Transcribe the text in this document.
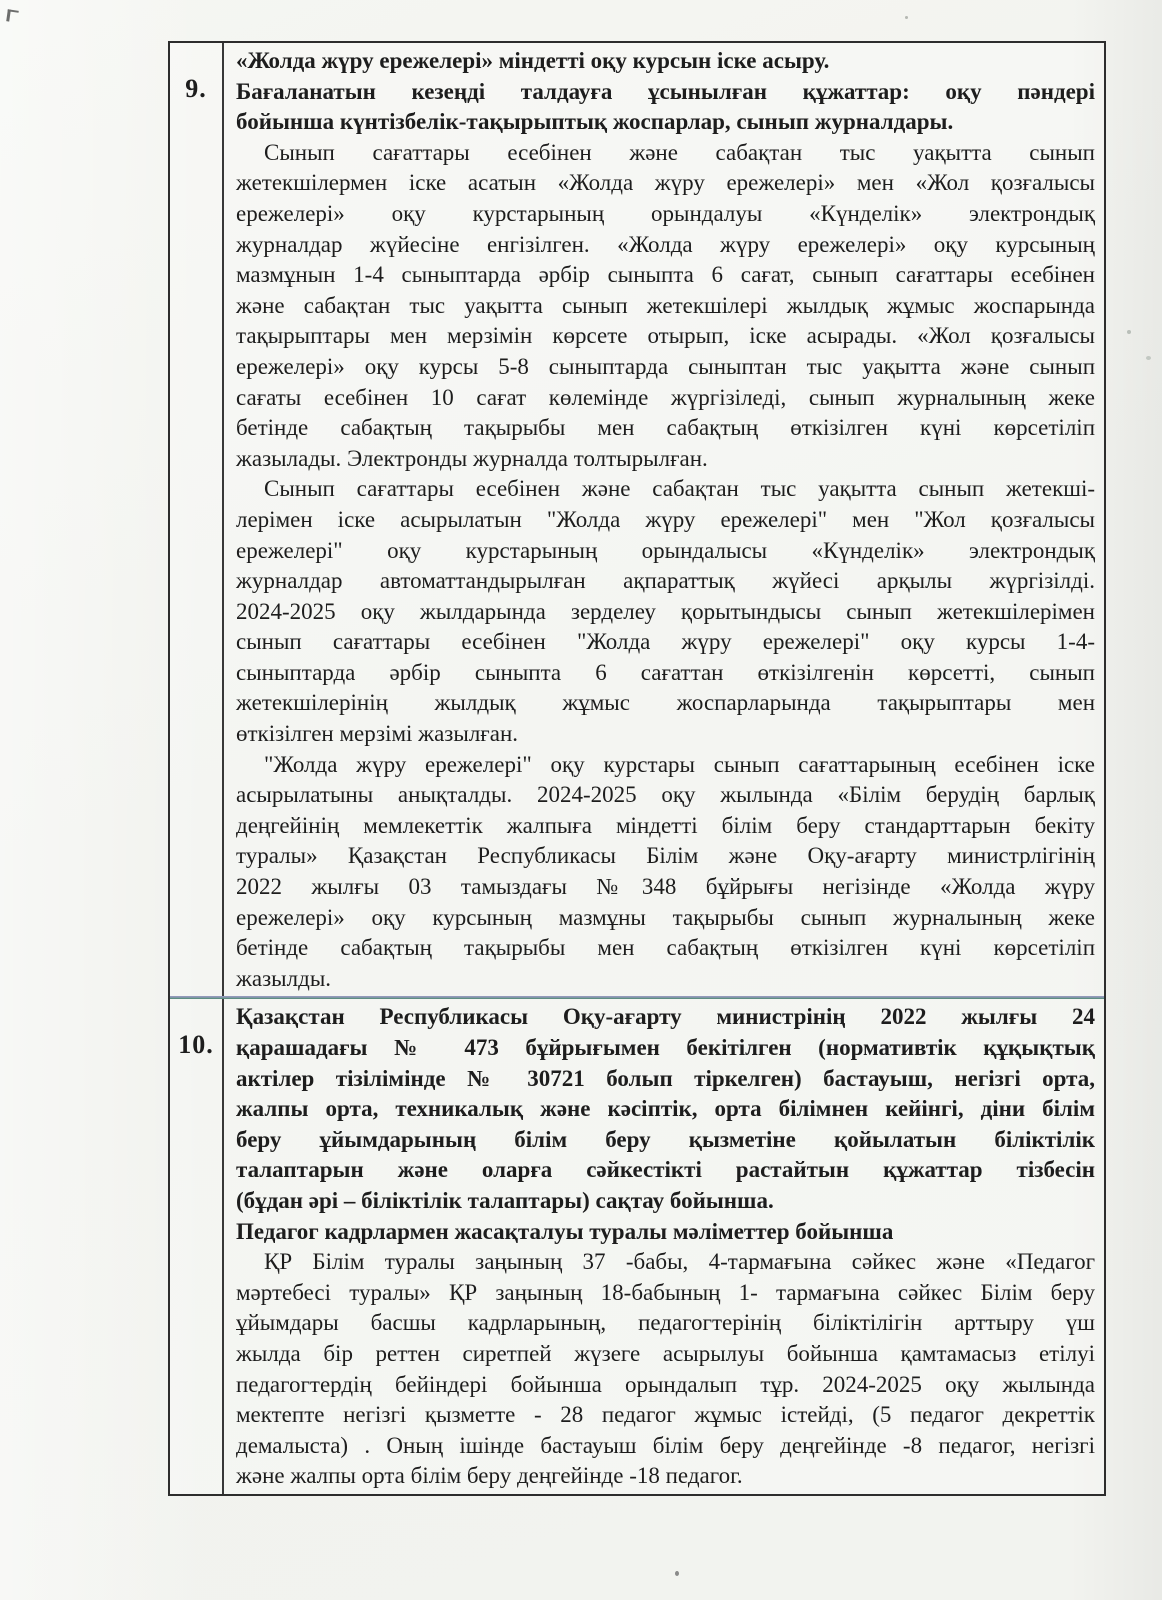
9.
«Жолда жүру ережелері» міндетті оқу курсын іске асыру.
Бағаланатын кезеңді талдауға ұсынылған құжаттар: оқу пәндері
бойынша күнтізбелік-тақырыптық жоспарлар, сынып журналдары.
Сынып сағаттары есебінен және сабақтан тыс уақытта сынып
жетекшілермен іске асатын «Жолда жүру ережелері» мен «Жол қозғалысы
ережелері» оқу курстарының орындалуы «Күнделік» электрондық
журналдар жүйесіне енгізілген. «Жолда жүру ережелері» оқу курсының
мазмұнын 1-4 сыныптарда әрбір сыныпта 6 сағат, сынып сағаттары есебінен
және сабақтан тыс уақытта сынып жетекшілері жылдық жұмыс жоспарында
тақырыптары мен мерзімін көрсете отырып, іске асырады. «Жол қозғалысы
ережелері» оқу курсы 5-8 сыныптарда сыныптан тыс уақытта және сынып
сағаты есебінен 10 сағат көлемінде жүргізіледі, сынып журналының жеке
бетінде сабақтың тақырыбы мен сабақтың өткізілген күні көрсетіліп
жазылады. Электронды журналда толтырылған.
Сынып сағаттары есебінен және сабақтан тыс уақытта сынып жетекші-
лерімен іске асырылатын "Жолда жүру ережелері" мен "Жол қозғалысы
ережелері" оқу курстарының орындалысы «Күнделік» электрондық
журналдар автоматтандырылған ақпараттық жүйесі арқылы жүргізілді.
2024-2025 оқу жылдарында зерделеу қорытындысы сынып жетекшілерімен
сынып сағаттары есебінен "Жолда жүру ережелері" оқу курсы 1-4-
сыныптарда әрбір сыныпта 6 сағаттан өткізілгенін көрсетті, сынып
жетекшілерінің жылдық жұмыс жоспарларында тақырыптары мен
өткізілген мерзімі жазылған.
"Жолда жүру ережелері" оқу курстары сынып сағаттарының есебінен іске
асырылатыны анықталды. 2024-2025 оқу жылында «Білім берудің барлық
деңгейінің мемлекеттік жалпыға міндетті білім беру стандарттарын бекіту
туралы» Қазақстан Республикасы Білім және Оқу-ағарту министрлігінің
2022 жылғы 03 тамыздағы №348 бұйрығы негізінде «Жолда жүру
ережелері» оқу курсының мазмұны тақырыбы сынып журналының жеке
бетінде сабақтың тақырыбы мен сабақтың өткізілген күні көрсетіліп
жазылды.
10.
Қазақстан Республикасы Оқу-ағарту министрінің 2022 жылғы 24
қарашадағы № 473 бұйрығымен бекітілген (нормативтік құқықтық
актілер тізілімінде № 30721 болып тіркелген) бастауыш, негізгі орта,
жалпы орта, техникалық және кәсіптік, орта білімнен кейінгі, діни білім
беру ұйымдарының білім беру қызметіне қойылатын біліктілік
талаптарын және оларға сәйкестікті растайтын құжаттар тізбесін
(бұдан әрі – біліктілік талаптары) сақтау бойынша.
Педагог кадрлармен жасақталуы туралы мәліметтер бойынша
ҚР Білім туралы заңының 37 -бабы, 4-тармағына сәйкес және «Педагог
мәртебесі туралы» ҚР заңының 18-бабының 1- тармағына сәйкес Білім беру
ұйымдары басшы кадрларының, педагогтерінің біліктілігін арттыру үш
жылда бір реттен сиретпей жүзеге асырылуы бойынша қамтамасыз етілуі
педагогтердің бейіндері бойынша орындалып тұр. 2024-2025 оқу жылында
мектепте негізгі қызметте - 28 педагог жұмыс істейді, (5 педагог декреттік
демалыста) . Оның ішінде бастауыш білім беру деңгейінде -8 педагог, негізгі
және жалпы орта білім беру деңгейінде -18 педагог.
